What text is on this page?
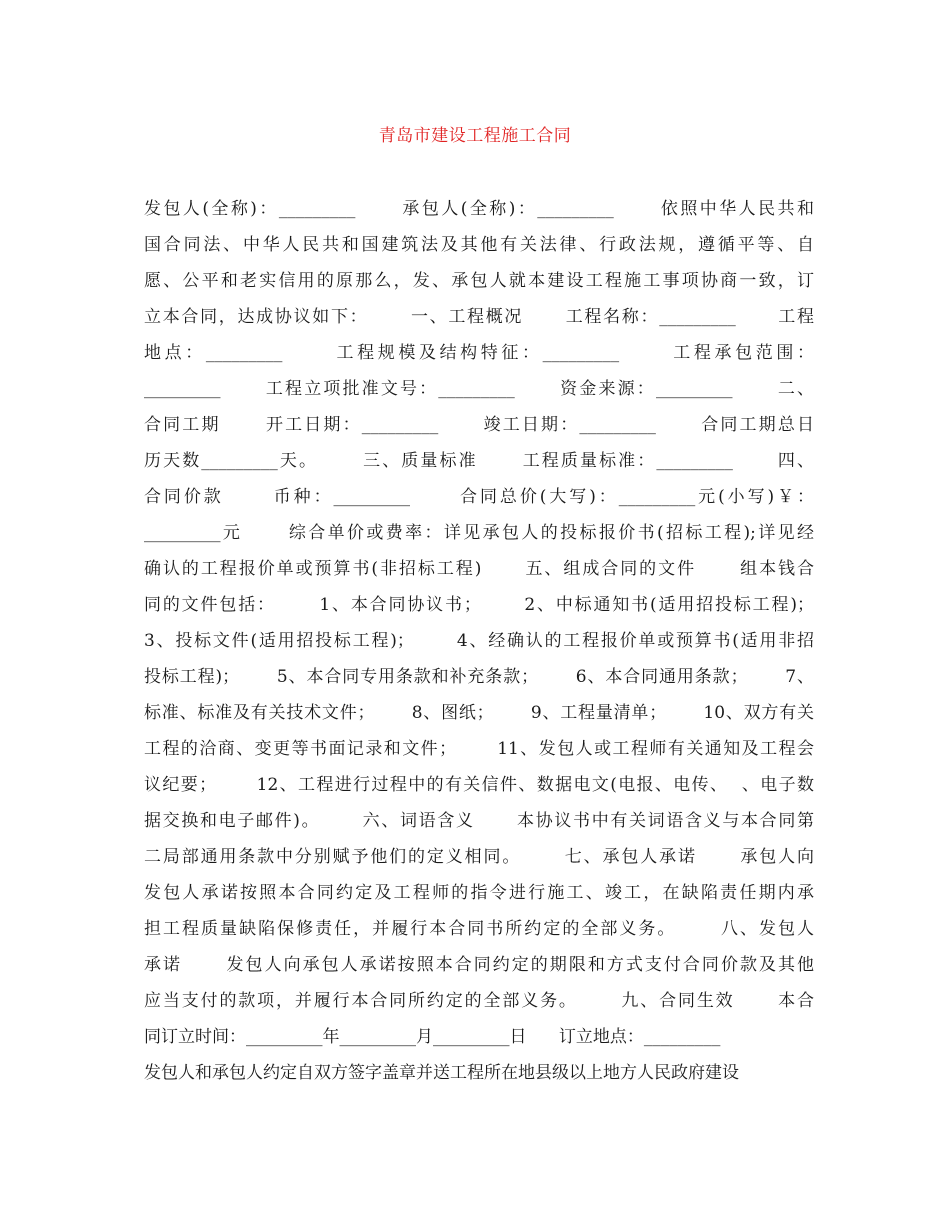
青岛市建设工程施工合同
发包人(全称)：_________      承包人(全称)：_________      依照中华人民共和
国合同法、中华人民共和国建筑法及其他有关法律、行政法规，遵循平等、自
愿、公平和老实信用的原那么，发、承包人就本建设工程施工事项协商一致，订
立本合同，达成协议如下：      一、工程概况      工程名称：_________      工程
地点：_________      工程规模及结构特征：_________      工程承包范围：
_________      工程立项批准文号：_________      资金来源：_________      二、
合同工期      开工日期：_________      竣工日期：_________      合同工期总日
历天数_________天。      三、质量标准      工程质量标准：_________      四、
合同价款      币种：_________      合同总价(大写)：_________元(小写)￥：
_________元      综合单价或费率：详见承包人的投标报价书(招标工程);详见经
确认的工程报价单或预算书(非招标工程)      五、组成合同的文件      组本钱合
同的文件包括：      1、本合同协议书；      2、中标通知书(适用招投标工程)；
3、投标文件(适用招投标工程)；      4、经确认的工程报价单或预算书(适用非招
投标工程)；      5、本合同专用条款和补充条款；      6、本合同通用条款；      7、
标准、标准及有关技术文件；      8、图纸；      9、工程量清单；      10、双方有关
工程的洽商、变更等书面记录和文件；      11、发包人或工程师有关通知及工程会
议纪要；      12、工程进行过程中的有关信件、数据电文(电报、电传、  、电子数
据交换和电子邮件)。      六、词语含义      本协议书中有关词语含义与本合同第
二局部通用条款中分别赋予他们的定义相同。      七、承包人承诺      承包人向
发包人承诺按照本合同约定及工程师的指令进行施工、竣工，在缺陷责任期内承
担工程质量缺陷保修责任，并履行本合同书所约定的全部义务。      八、发包人
承诺      发包人向承包人承诺按照本合同约定的期限和方式支付合同价款及其他
应当支付的款项，并履行本合同所约定的全部义务。      九、合同生效      本合
同订立时间：_________年_________月_________日      订立地点：_________
发包人和承包人约定自双方签字盖章并送工程所在地县级以上地方人民政府建设
